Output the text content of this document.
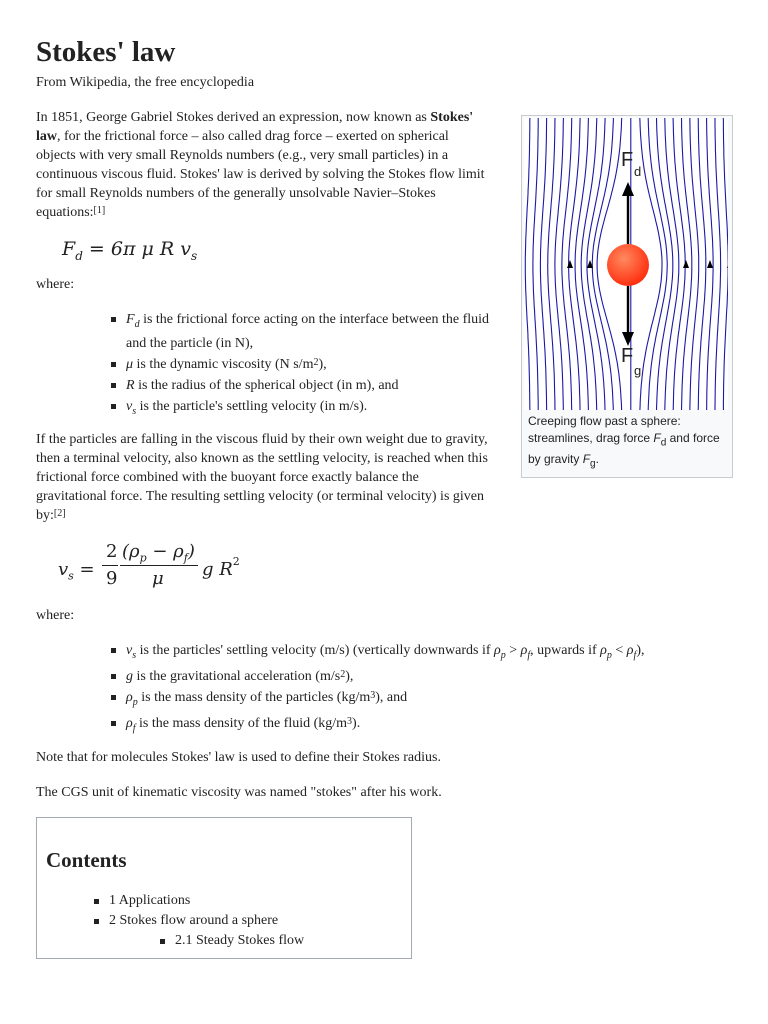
Stokes' law
From Wikipedia, the free encyclopedia

In 1851, George Gabriel Stokes derived an expression, now known as Stokes' law, for the frictional force – also called drag force – exerted on spherical objects with very small Reynolds numbers (e.g., very small particles) in a continuous viscous fluid. Stokes' law is derived by solving the Stokes flow limit for small Reynolds numbers of the generally unsolvable Navier–Stokes equations:[1]

$F_d = 6\pi$ μ R $v_s$
where:
$F_d$ is the frictional force acting on the interface between the fluid and the particle (in N),
μ is the dynamic viscosity (N $s/m^2$),
R is the radius of the spherical object (in m), and
$v_s$ is the particle's settling velocity (in m/s).

If the particles are falling in the viscous fluid by their own weight due to gravity, then a terminal velocity, also known as the settling velocity, is reached when this frictional force combined with the buoyant force exactly balance the gravitational force. The resulting settling velocity (or terminal velocity) is given by:[2]

$v_s$ =
2
9
$(\rho_p - \rho_f)$
μ g $R^2$
where:
$v_s$ is the particles' settling velocity (m/s) (vertically downwards if $\rho_p > \rho_f$, upwards if $\rho_p < \rho_f$),
g is the gravitational acceleration $(m/s^2)$,
$\rho_p$ is the mass density of the particles $(kg/m^3)$, and
$\rho_f$ is the mass density of the fluid $(kg/m^3)$.

Note that for molecules Stokes' law is used to define their Stokes radius.

The CGS unit of kinematic viscosity was named "stokes" after his work.

F
d
F
g
Creeping flow past a sphere: streamlines, drag force $F_d$ and force by gravity $F_g$.
Contents
1 Applications
2 Stokes flow around a sphere
2.1 Steady Stokes flow
